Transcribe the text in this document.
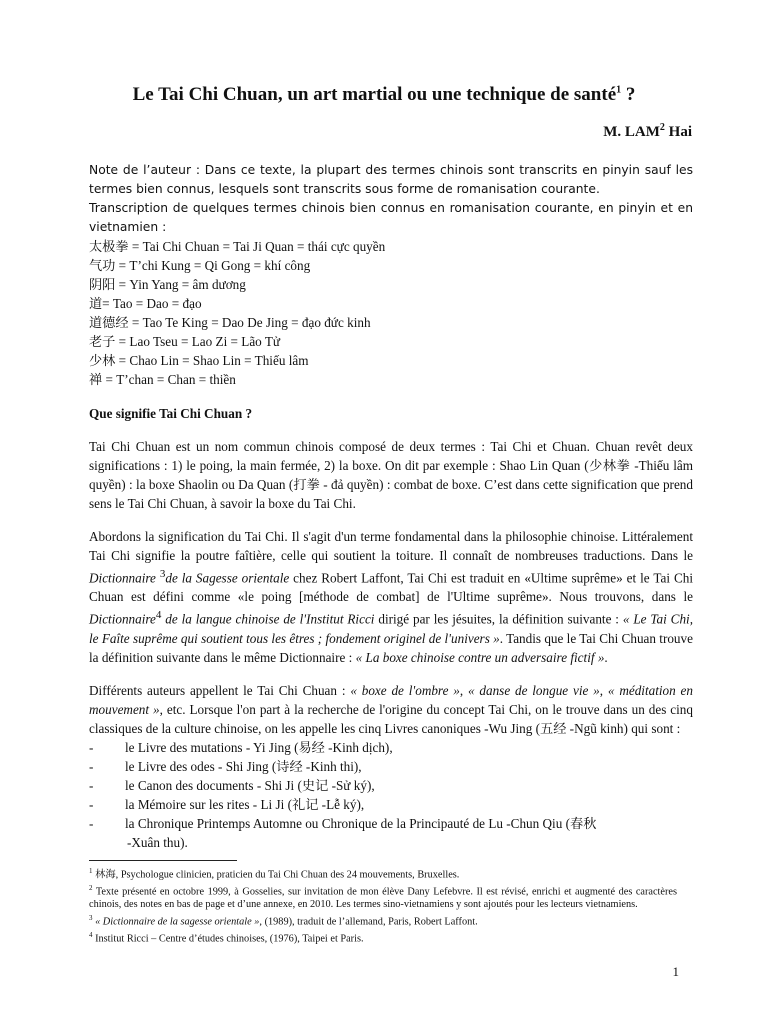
Le Tai Chi Chuan, un art martial ou une technique de santé$^1$ ?

M. LAM$^2$ Hai

Note de l’auteur : Dans ce texte, la plupart des termes chinois sont transcrits en pinyin sauf les termes bien connus, lesquels sont transcrits sous forme de romanisation courante.

Transcription de quelques termes chinois bien connus en romanisation courante, en pinyin et en vietnamien :

太极拳 = Tai Chi Chuan = Tai Ji Quan = thái cực quyền
气功 = T’chi Kung = Qi Gong = khí công
阴阳 = Yin Yang = âm dương
道= Tao = Dao = đạo
道德经 = Tao Te King = Dao De Jing = đạo đức kinh
老子 = Lao Tseu = Lao Zi = Lão Tử
少林 = Chao Lin = Shao Lin = Thiếu lâm
禅 = T’chan = Chan = thiền

Que signifie Tai Chi Chuan ?

Tai Chi Chuan est un nom commun chinois composé de deux termes : Tai Chi et Chuan. Chuan revêt deux significations : 1) le poing, la main fermée, 2) la boxe. On dit par exemple : Shao Lin Quan (少林拳 -Thiếu lâm quyền) : la boxe Shaolin ou Da Quan (打拳 - đả quyền) : combat de boxe. C’est dans cette signification que prend sens le Tai Chi Chuan, à savoir la boxe du Tai Chi.

Abordons la signification du Tai Chi. Il s'agit d'un terme fondamental dans la philosophie chinoise. Littéralement Tai Chi signifie la poutre faîtière, celle qui soutient la toiture. Il connaît de nombreuses traductions. Dans le Dictionnaire $^3$de la Sagesse orientale chez Robert Laffont, Tai Chi est traduit en «Ultime suprême» et le Tai Chi Chuan est défini comme «le poing [méthode de combat] de l'Ultime suprême». Nous trouvons, dans le Dictionnaire$^4$ de la langue chinoise de l'Institut Ricci dirigé par les jésuites, la définition suivante : « Le Tai Chi, le Faîte suprême qui soutient tous les êtres ; fondement originel de l'univers ». Tandis que le Tai Chi Chuan trouve la définition suivante dans le même Dictionnaire : « La boxe chinoise contre un adversaire fictif ».

Différents auteurs appellent le Tai Chi Chuan : « boxe de l'ombre », « danse de longue vie », « méditation en mouvement », etc. Lorsque l'on part à la recherche de l'origine du concept Tai Chi, on le trouve dans un des cinq classiques de la culture chinoise, on les appelle les cinq Livres canoniques -Wu Jing (五经 -Ngũ kinh) qui sont :

- le Livre des mutations - Yi Jing (易经 -Kinh dịch),
- le Livre des odes - Shi Jing (诗经 -Kinh thi),
- le Canon des documents - Shi Ji (史记 -Sử ký),
- la Mémoire sur les rites - Li Ji (礼记 -Lễ ký),
- la Chronique Printemps Automne ou Chronique de la Principauté de Lu -Chun Qiu (春秋
-Xuân thu).

$^1$ 林海, Psychologue clinicien, praticien du Tai Chi Chuan des 24 mouvements, Bruxelles.

$^2$ Texte présenté en octobre 1999, à Gosselies, sur invitation de mon élève Dany Lefebvre. Il est révisé, enrichi et augmenté des caractères chinois, des notes en bas de page et d’une annexe, en 2010. Les termes sino-vietnamiens y sont ajoutés pour les lecteurs vietnamiens.

$^3$ « Dictionnaire de la sagesse orientale », (1989), traduit de l’allemand, Paris, Robert Laffont.

$^4$ Institut Ricci – Centre d’études chinoises, (1976), Taipei et Paris.

1
